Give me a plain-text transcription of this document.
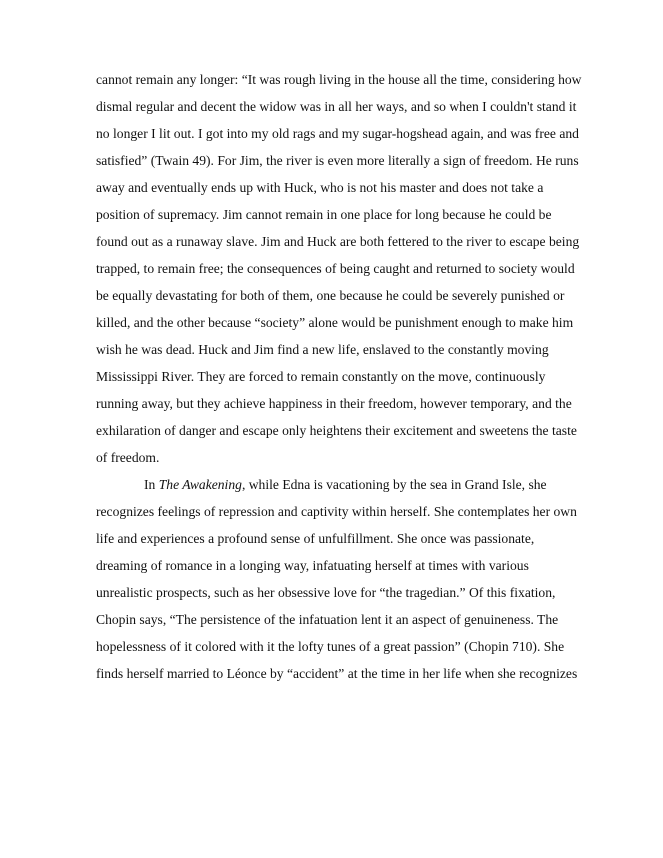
cannot remain any longer: “It was rough living in the house all the time, considering how
dismal regular and decent the widow was in all her ways, and so when I couldn't stand it
no longer I lit out. I got into my old rags and my sugar-hogshead again, and was free and
satisfied” (Twain 49). For Jim, the river is even more literally a sign of freedom. He runs
away and eventually ends up with Huck, who is not his master and does not take a
position of supremacy. Jim cannot remain in one place for long because he could be
found out as a runaway slave. Jim and Huck are both fettered to the river to escape being
trapped, to remain free; the consequences of being caught and returned to society would
be equally devastating for both of them, one because he could be severely punished or
killed, and the other because “society” alone would be punishment enough to make him
wish he was dead. Huck and Jim find a new life, enslaved to the constantly moving
Mississippi River. They are forced to remain constantly on the move, continuously
running away, but they achieve happiness in their freedom, however temporary, and the
exhilaration of danger and escape only heightens their excitement and sweetens the taste
of freedom.
In The Awakening, while Edna is vacationing by the sea in Grand Isle, she
recognizes feelings of repression and captivity within herself. She contemplates her own
life and experiences a profound sense of unfulfillment. She once was passionate,
dreaming of romance in a longing way, infatuating herself at times with various
unrealistic prospects, such as her obsessive love for “the tragedian.” Of this fixation,
Chopin says, “The persistence of the infatuation lent it an aspect of genuineness. The
hopelessness of it colored with it the lofty tunes of a great passion” (Chopin 710). She
finds herself married to Léonce by “accident” at the time in her life when she recognizes
